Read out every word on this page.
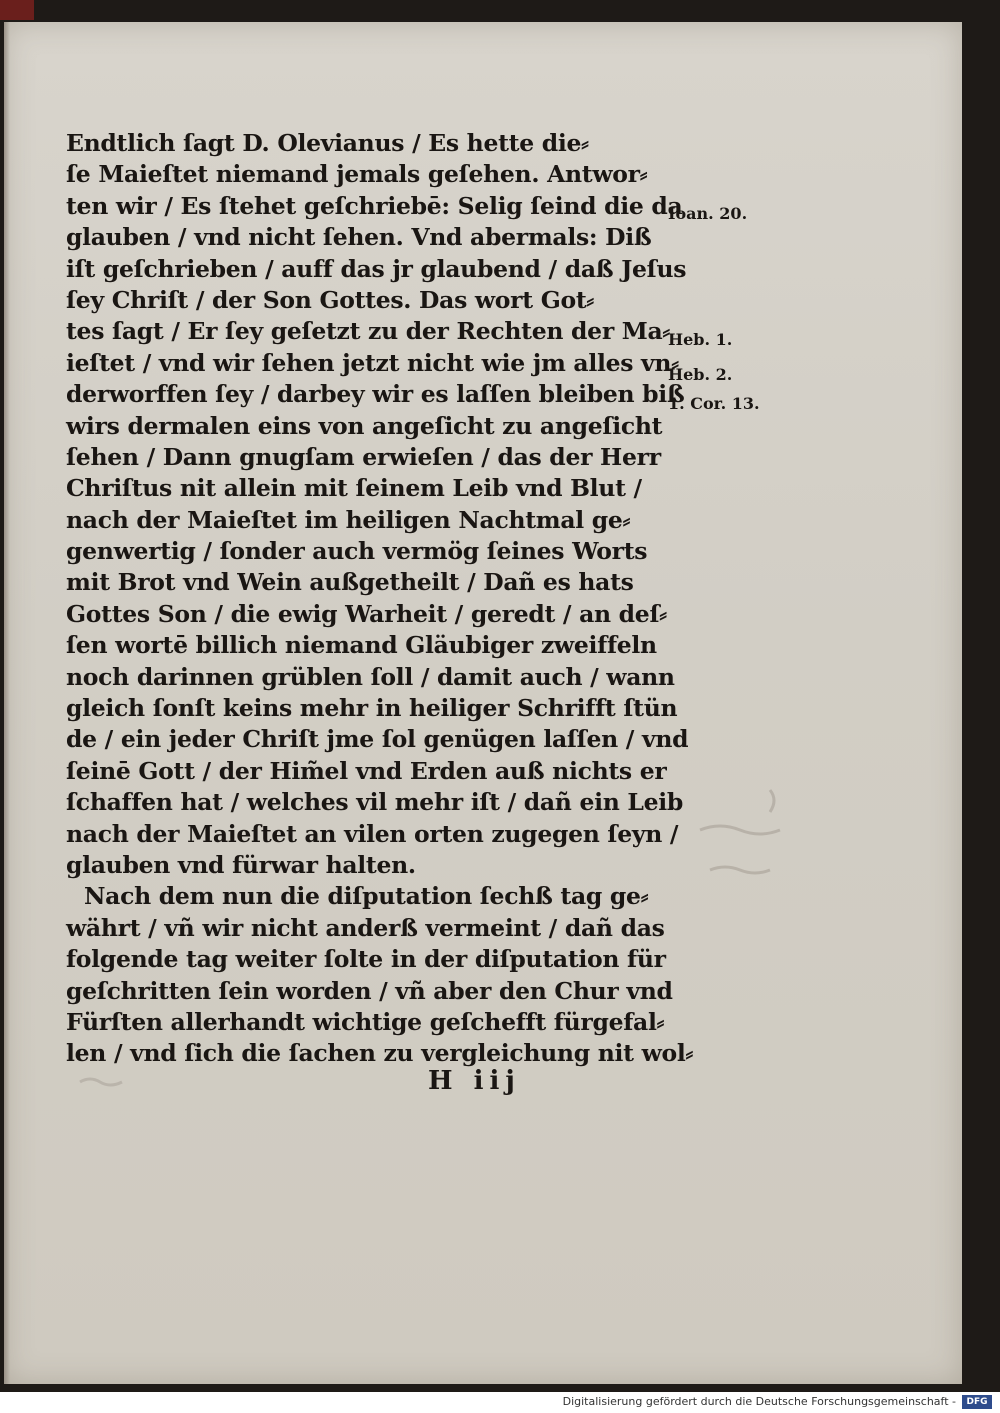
Endtlich ſagt D. Olevianus / Es hette die⸗
ſe Maieſtet niemand jemals geſehen. Antwor⸗
ten wir / Es ſtehet geſchriebē: Selig ſeind die da
glauben / vnd nicht ſehen. Vnd abermals: Diß
iſt geſchrieben / auff das jr glaubend / daß Jeſus
ſey Chriſt / der Son Gottes. Das wort Got⸗
tes ſagt / Er ſey geſetzt zu der Rechten der Ma⸗
ieſtet / vnd wir ſehen jetzt nicht wie jm alles vn⸗
derworffen ſey / darbey wir es laſſen bleiben biß
wirs dermalen eins von angeſicht zu angeſicht
ſehen / Dann gnugſam erwieſen / das der Herr
Chriſtus nit allein mit ſeinem Leib vnd Blut /
nach der Maieſtet im heiligen Nachtmal ge⸗
genwertig / ſonder auch vermög ſeines Worts
mit Brot vnd Wein außgetheilt / Dañ es hats
Gottes Son / die ewig Warheit / geredt / an deſ⸗
ſen wortē billich niemand Gläubiger zweiffeln
noch darinnen grüblen ſoll / damit auch / wann
gleich ſonſt keins mehr in heiliger Schrifft ſtün
de / ein jeder Chriſt jme ſol genügen laſſen / vnd
ſeinē Gott / der Him̃el vnd Erden auß nichts er
ſchaffen hat / welches vil mehr iſt / dañ ein Leib
nach der Maieſtet an vilen orten zugegen ſeyn /
glauben vnd fürwar halten.
Nach dem nun die diſputation ſechß tag ge⸗
währt / vñ wir nicht anderß vermeint / dañ das
folgende tag weiter ſolte in der diſputation für
geſchritten ſein worden / vñ aber den Chur vnd
Fürſten allerhandt wichtige geſchefft fürgefal⸗
len / vnd ſich die ſachen zu vergleichung nit wol⸗
Ioan. 20.
Heb. 1.
Heb. 2.
1. Cor. 13.
H iij
Digitalisierung gefördert durch die Deutsche Forschungsgemeinschaft -	DFG
